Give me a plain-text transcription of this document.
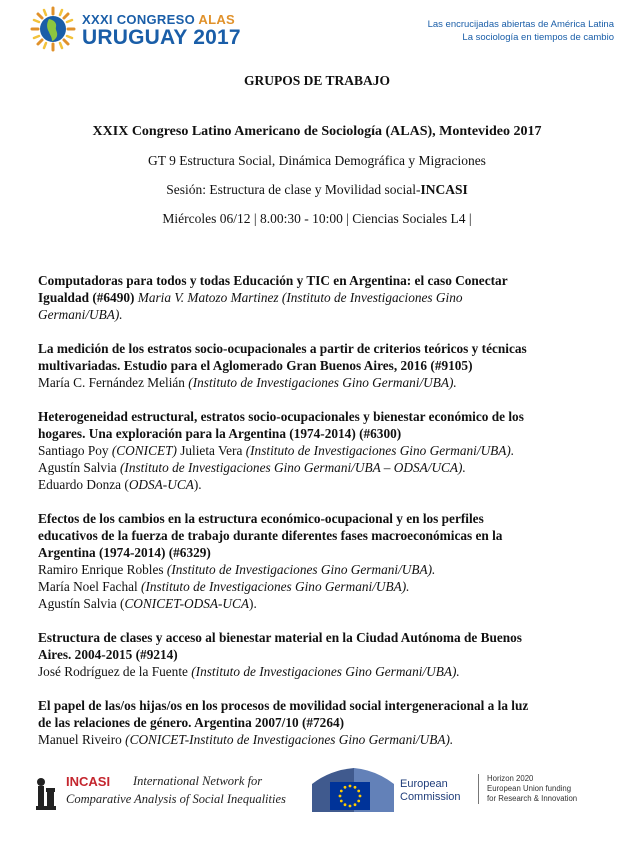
XXXI CONGRESO ALAS
URUGUAY 2017
Las encrucijadas abiertas de América Latina
La sociología en tiempos de cambio
GRUPOS DE TRABAJO
XXIX Congreso Latino Americano de Sociología (ALAS), Montevideo 2017
GT 9 Estructura Social, Dinámica Demográfica y Migraciones
Sesión: Estructura de clase y Movilidad social-INCASI
Miércoles 06/12 | 8.00:30 - 10:00 | Ciencias Sociales L4 |
Computadoras para todos y todas Educación y TIC en Argentina: el caso Conectar
Igualdad (#6490) Maria V. Matozo Martinez (Instituto de Investigaciones Gino
Germani/UBA).
La medición de los estratos socio-ocupacionales a partir de criterios teóricos y técnicas
multivariadas. Estudio para el Aglomerado Gran Buenos Aires, 2016 (#9105)
María C. Fernández Melián (Instituto de Investigaciones Gino Germani/UBA).
Heterogeneidad estructural, estratos socio-ocupacionales y bienestar económico de los
hogares. Una exploración para la Argentina (1974-2014) (#6300)
Santiago Poy (CONICET) Julieta Vera (Instituto de Investigaciones Gino Germani/UBA).
Agustín Salvia (Instituto de Investigaciones Gino Germani/UBA – ODSA/UCA).
Eduardo Donza (ODSA-UCA).
Efectos de los cambios en la estructura económico-ocupacional y en los perfiles
educativos de la fuerza de trabajo durante diferentes fases macroeconómicas en la
Argentina (1974-2014) (#6329)
Ramiro Enrique Robles (Instituto de Investigaciones Gino Germani/UBA).
María Noel Fachal (Instituto de Investigaciones Gino Germani/UBA).
Agustín Salvia (CONICET-ODSA-UCA).
Estructura de clases y acceso al bienestar material en la Ciudad Autónoma de Buenos
Aires. 2004-2015 (#9214)
José Rodríguez de la Fuente (Instituto de Investigaciones Gino Germani/UBA).
El papel de las/os hijas/os en los procesos de movilidad social intergeneracional a la luz
de las relaciones de género. Argentina 2007/10 (#7264)
Manuel Riveiro (CONICET-Instituto de Investigaciones Gino Germani/UBA).
INCASI International Network for
Comparative Analysis of Social Inequalities
European
Commission
Horizon 2020
European Union funding
for Research & Innovation
